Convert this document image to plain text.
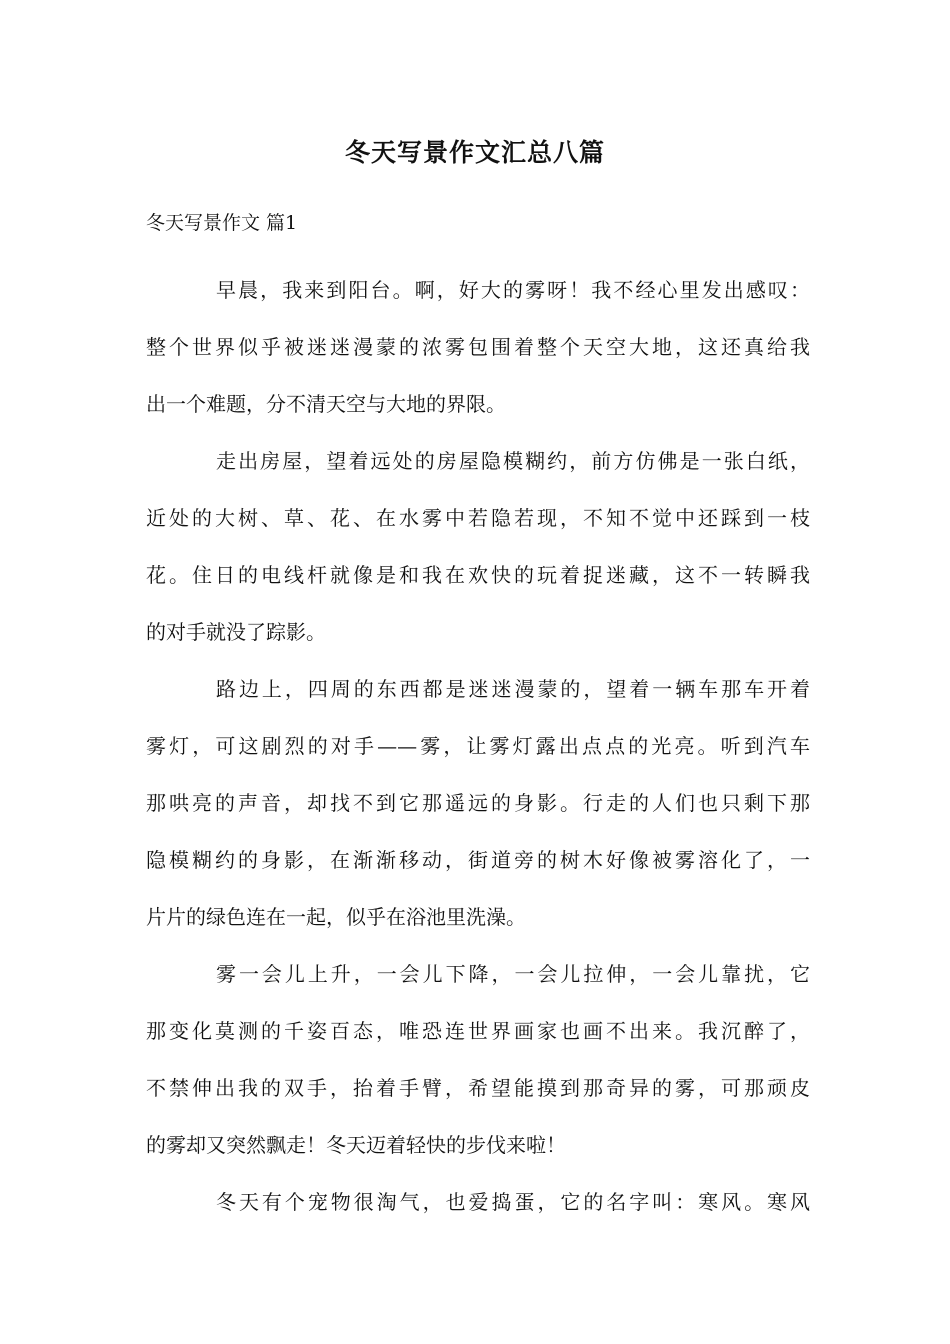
冬天写景作文汇总八篇
冬天写景作文 篇1

早晨，我来到阳台。啊，好大的雾呀！我不经心里发出感叹：
整个世界似乎被迷迷漫蒙的浓雾包围着整个天空大地，这还真给我
出一个难题，分不清天空与大地的界限。

走出房屋，望着远处的房屋隐模糊约，前方仿佛是一张白纸，
近处的大树、草、花、在水雾中若隐若现，不知不觉中还踩到一枝
花。住日的电线杆就像是和我在欢快的玩着捉迷藏，这不一转瞬我
的对手就没了踪影。

路边上，四周的东西都是迷迷漫蒙的，望着一辆车那车开着
雾灯，可这剧烈的对手——雾，让雾灯露出点点的光亮。听到汽车
那哄亮的声音，却找不到它那遥远的身影。行走的人们也只剩下那
隐模糊约的身影，在渐渐移动，街道旁的树木好像被雾溶化了，一
片片的绿色连在一起，似乎在浴池里洗澡。

雾一会儿上升，一会儿下降，一会儿拉伸，一会儿靠扰，它
那变化莫测的千姿百态，唯恐连世界画家也画不出来。我沉醉了，
不禁伸出我的双手，抬着手臂，希望能摸到那奇异的雾，可那顽皮
的雾却又突然飘走！冬天迈着轻快的步伐来啦！

冬天有个宠物很淘气，也爱捣蛋，它的名字叫：寒风。寒风
